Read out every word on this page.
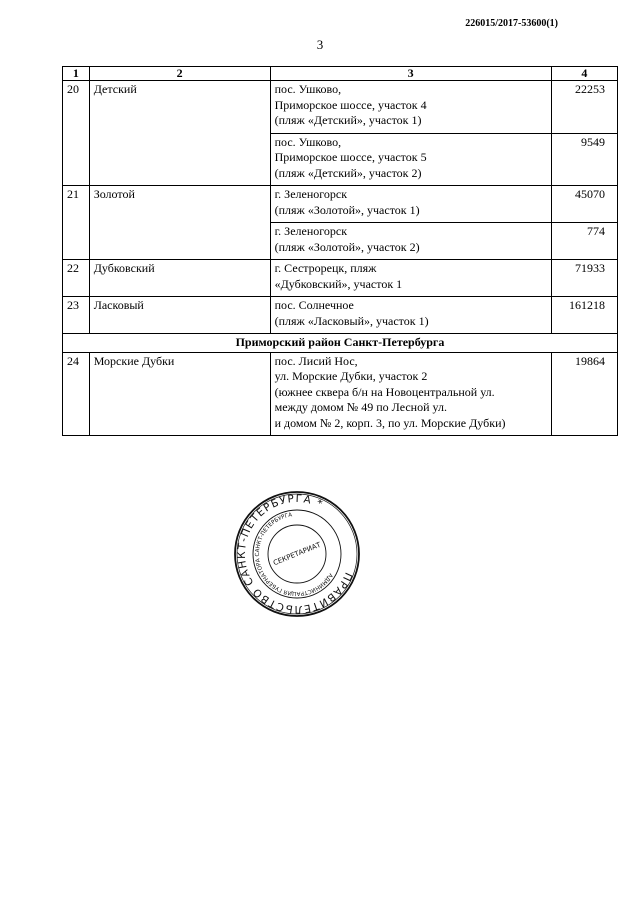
226015/2017-53600(1)
3
1	2	3	4
20	Детский	пос. Ушково,
Приморское шоссе, участок 4
(пляж «Детский», участок 1)	22253

		пос. Ушково,
Приморское шоссе, участок 5
(пляж «Детский», участок 2)	9549
21	Золотой	г. Зеленогорск
(пляж «Золотой», участок 1)	45070

		г. Зеленогорск
(пляж «Золотой», участок 2)	774
22	Дубковский	г. Сестрорецк, пляж
«Дубковский», участок 1	71933
23	Ласковый	пос. Солнечное
(пляж «Ласковый», участок 1)	161218
Приморский район Санкт-Петербурга			
24	Морские Дубки	пос. Лисий Нос,
ул. Морские Дубки, участок 2
(южнее сквера б/н на Новоцентральной ул.
между домом № 49 по Лесной ул.
и домом № 2, корп. 3, по ул. Морские Дубки)	19864
ПРАВИТЕЛЬСТВО САНКТ-ПЕТЕРБУРГА *
АДМИНИСТРАЦИЯ ГУБЕРНАТОРА САНКТ-ПЕТЕРБУРГА
СЕКРЕТАРИАТ
